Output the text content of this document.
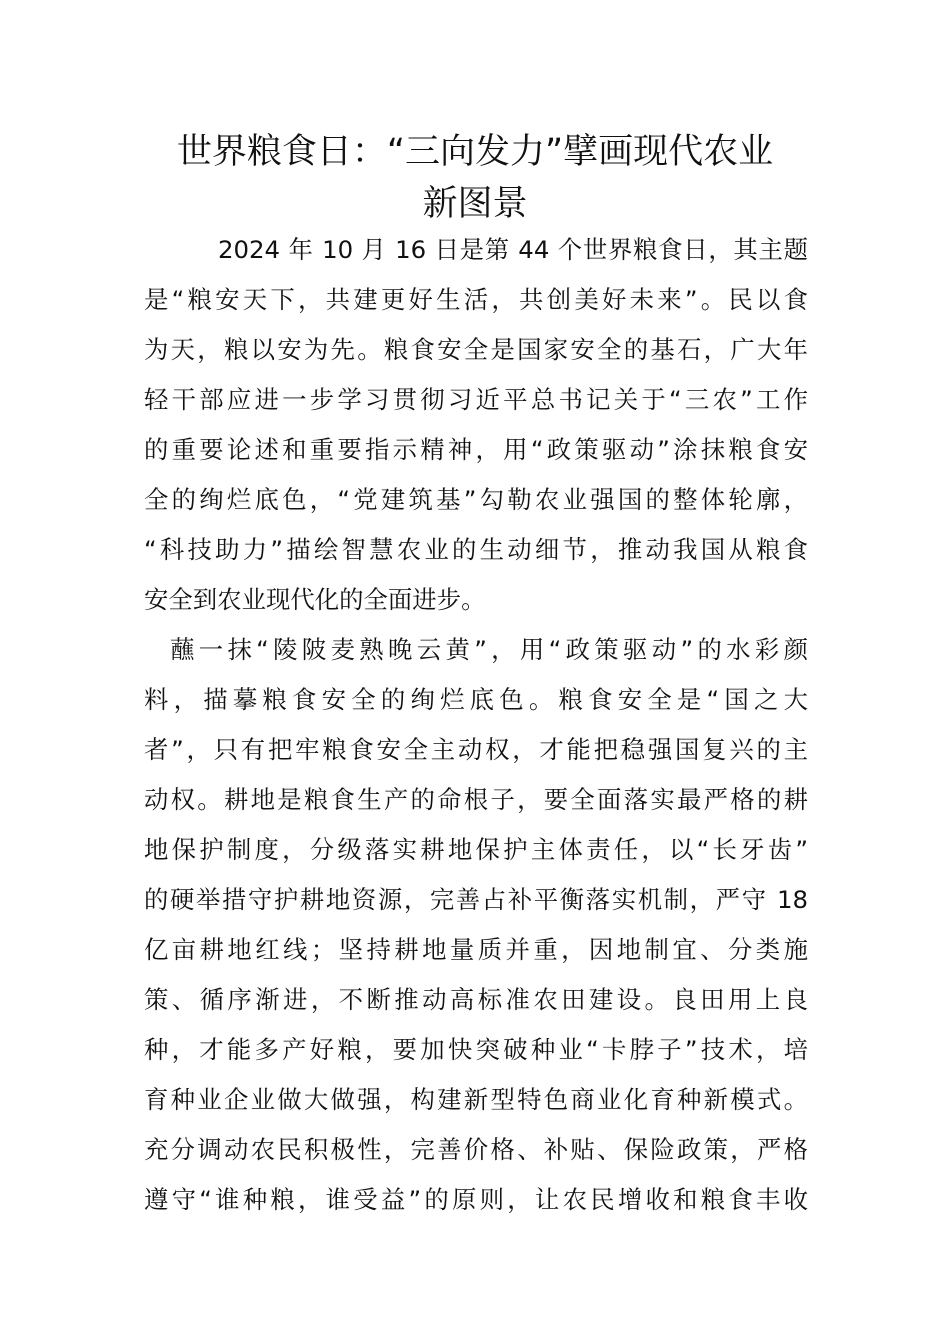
世界粮食日：“三向发力”擘画现代农业
新图景

2024 年 10 月 16 日是第 44 个世界粮食日，其主题

是“粮安天下，共建更好生活，共创美好未来”。民以食

为天，粮以安为先。粮食安全是国家安全的基石，广大年

轻干部应进一步学习贯彻习近平总书记关于“三农”工作

的重要论述和重要指示精神，用“政策驱动”涂抹粮食安

全的绚烂底色，“党建筑基”勾勒农业强国的整体轮廓，

“科技助力”描绘智慧农业的生动细节，推动我国从粮食

安全到农业现代化的全面进步。

蘸一抹“陵陂麦熟晚云黄”，用“政策驱动”的水彩颜

料，描摹粮食安全的绚烂底色。粮食安全是“国之大

者”，只有把牢粮食安全主动权，才能把稳强国复兴的主

动权。耕地是粮食生产的命根子，要全面落实最严格的耕

地保护制度，分级落实耕地保护主体责任，以“长牙齿”

的硬举措守护耕地资源，完善占补平衡落实机制，严守 18

亿亩耕地红线；坚持耕地量质并重，因地制宜、分类施

策、循序渐进，不断推动高标准农田建设。良田用上良

种，才能多产好粮，要加快突破种业“卡脖子”技术，培

育种业企业做大做强，构建新型特色商业化育种新模式。

充分调动农民积极性，完善价格、补贴、保险政策，严格

遵守“谁种粮，谁受益”的原则，让农民增收和粮食丰收
